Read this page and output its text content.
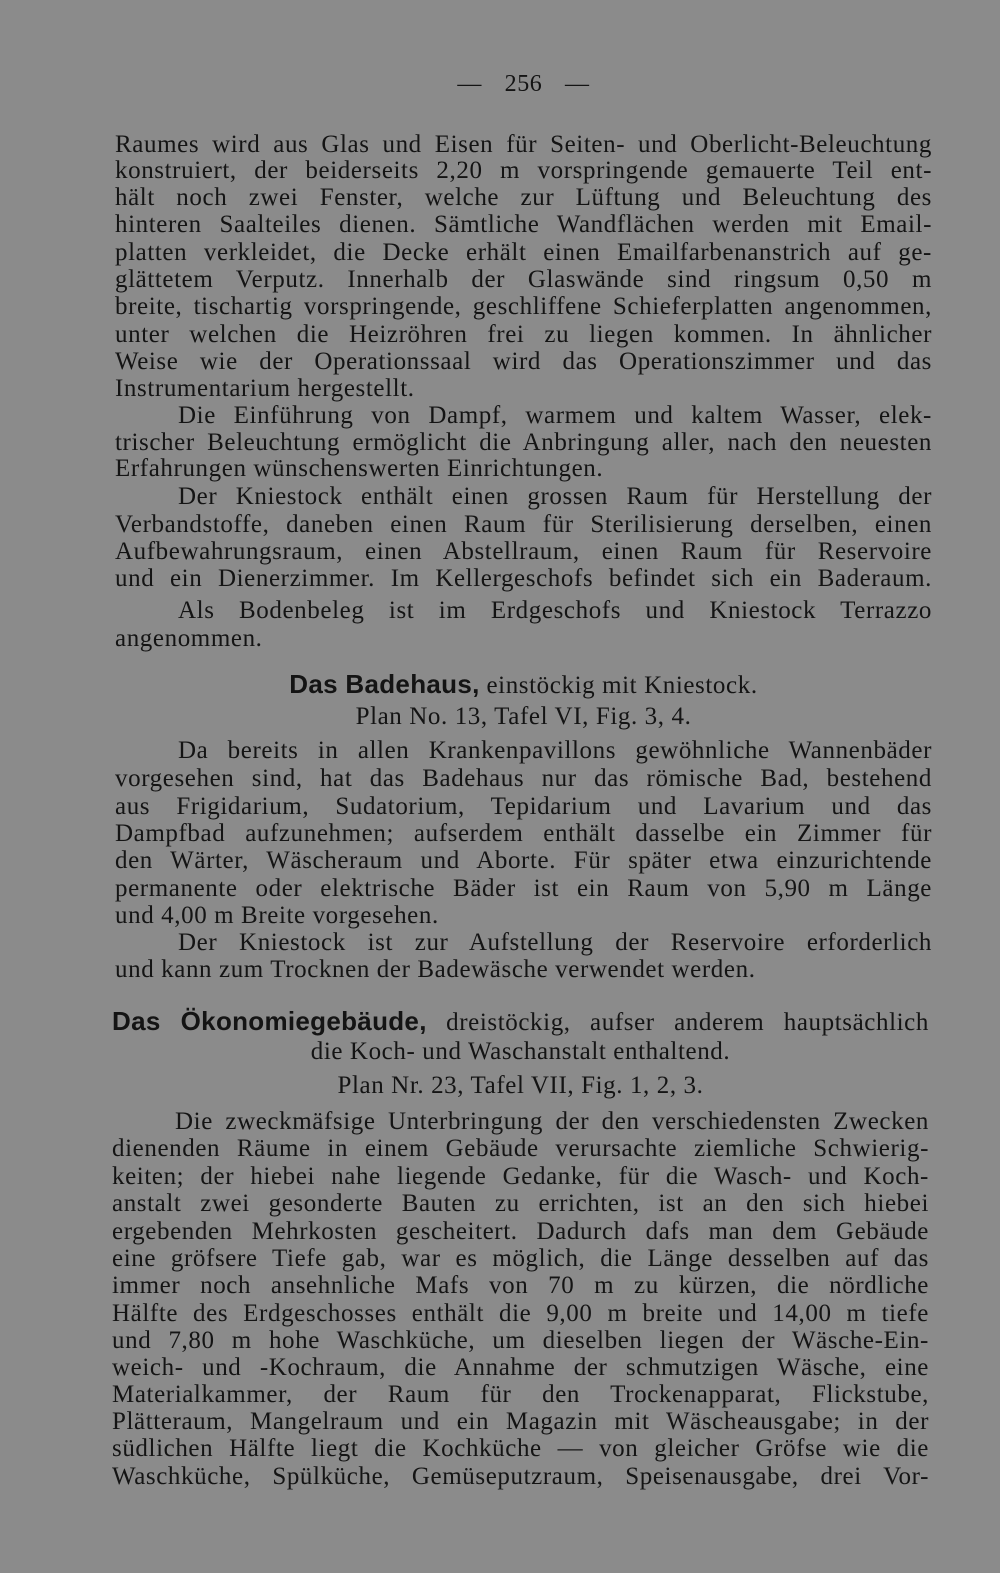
— 256 —
Raumes wird aus Glas und Eisen für Seiten- und Oberlicht-Beleuchtung
konstruiert, der beiderseits 2,20 m vorspringende gemauerte Teil ent-
hält noch zwei Fenster, welche zur Lüftung und Beleuchtung des
hinteren Saalteiles dienen. Sämtliche Wandflächen werden mit Email-
platten verkleidet, die Decke erhält einen Emailfarbenanstrich auf ge-
glättetem Verputz. Innerhalb der Glaswände sind ringsum 0,50 m
breite, tischartig vorspringende, geschliffene Schieferplatten angenommen,
unter welchen die Heizröhren frei zu liegen kommen. In ähnlicher
Weise wie der Operationssaal wird das Operationszimmer und das
Instrumentarium hergestellt.
Die Einführung von Dampf, warmem und kaltem Wasser, elek-
trischer Beleuchtung ermöglicht die Anbringung aller, nach den neuesten
Erfahrungen wünschenswerten Einrichtungen.
Der Kniestock enthält einen grossen Raum für Herstellung der
Verbandstoffe, daneben einen Raum für Sterilisierung derselben, einen
Aufbewahrungsraum, einen Abstellraum, einen Raum für Reservoire
und ein Dienerzimmer. Im Kellergeschofs befindet sich ein Baderaum.
Als Bodenbeleg ist im Erdgeschofs und Kniestock Terrazzo
angenommen.
Das Badehaus, einstöckig mit Kniestock.
Plan No. 13, Tafel VI, Fig. 3, 4.
Da bereits in allen Krankenpavillons gewöhnliche Wannenbäder
vorgesehen sind, hat das Badehaus nur das römische Bad, bestehend
aus Frigidarium, Sudatorium, Tepidarium und Lavarium und das
Dampfbad aufzunehmen; aufserdem enthält dasselbe ein Zimmer für
den Wärter, Wäscheraum und Aborte. Für später etwa einzurichtende
permanente oder elektrische Bäder ist ein Raum von 5,90 m Länge
und 4,00 m Breite vorgesehen.
Der Kniestock ist zur Aufstellung der Reservoire erforderlich
und kann zum Trocknen der Badewäsche verwendet werden.
Das Ökonomiegebäude, dreistöckig, aufser anderem hauptsächlich
die Koch- und Waschanstalt enthaltend.
Plan Nr. 23, Tafel VII, Fig. 1, 2, 3.
Die zweckmäfsige Unterbringung der den verschiedensten Zwecken
dienenden Räume in einem Gebäude verursachte ziemliche Schwierig-
keiten; der hiebei nahe liegende Gedanke, für die Wasch- und Koch-
anstalt zwei gesonderte Bauten zu errichten, ist an den sich hiebei
ergebenden Mehrkosten gescheitert. Dadurch dafs man dem Gebäude
eine gröfsere Tiefe gab, war es möglich, die Länge desselben auf das
immer noch ansehnliche Mafs von 70 m zu kürzen, die nördliche
Hälfte des Erdgeschosses enthält die 9,00 m breite und 14,00 m tiefe
und 7,80 m hohe Waschküche, um dieselben liegen der Wäsche-Ein-
weich- und -Kochraum, die Annahme der schmutzigen Wäsche, eine
Materialkammer, der Raum für den Trockenapparat, Flickstube,
Plätteraum, Mangelraum und ein Magazin mit Wäscheausgabe; in der
südlichen Hälfte liegt die Kochküche — von gleicher Gröfse wie die
Waschküche, Spülküche, Gemüseputzraum, Speisenausgabe, drei Vor-
